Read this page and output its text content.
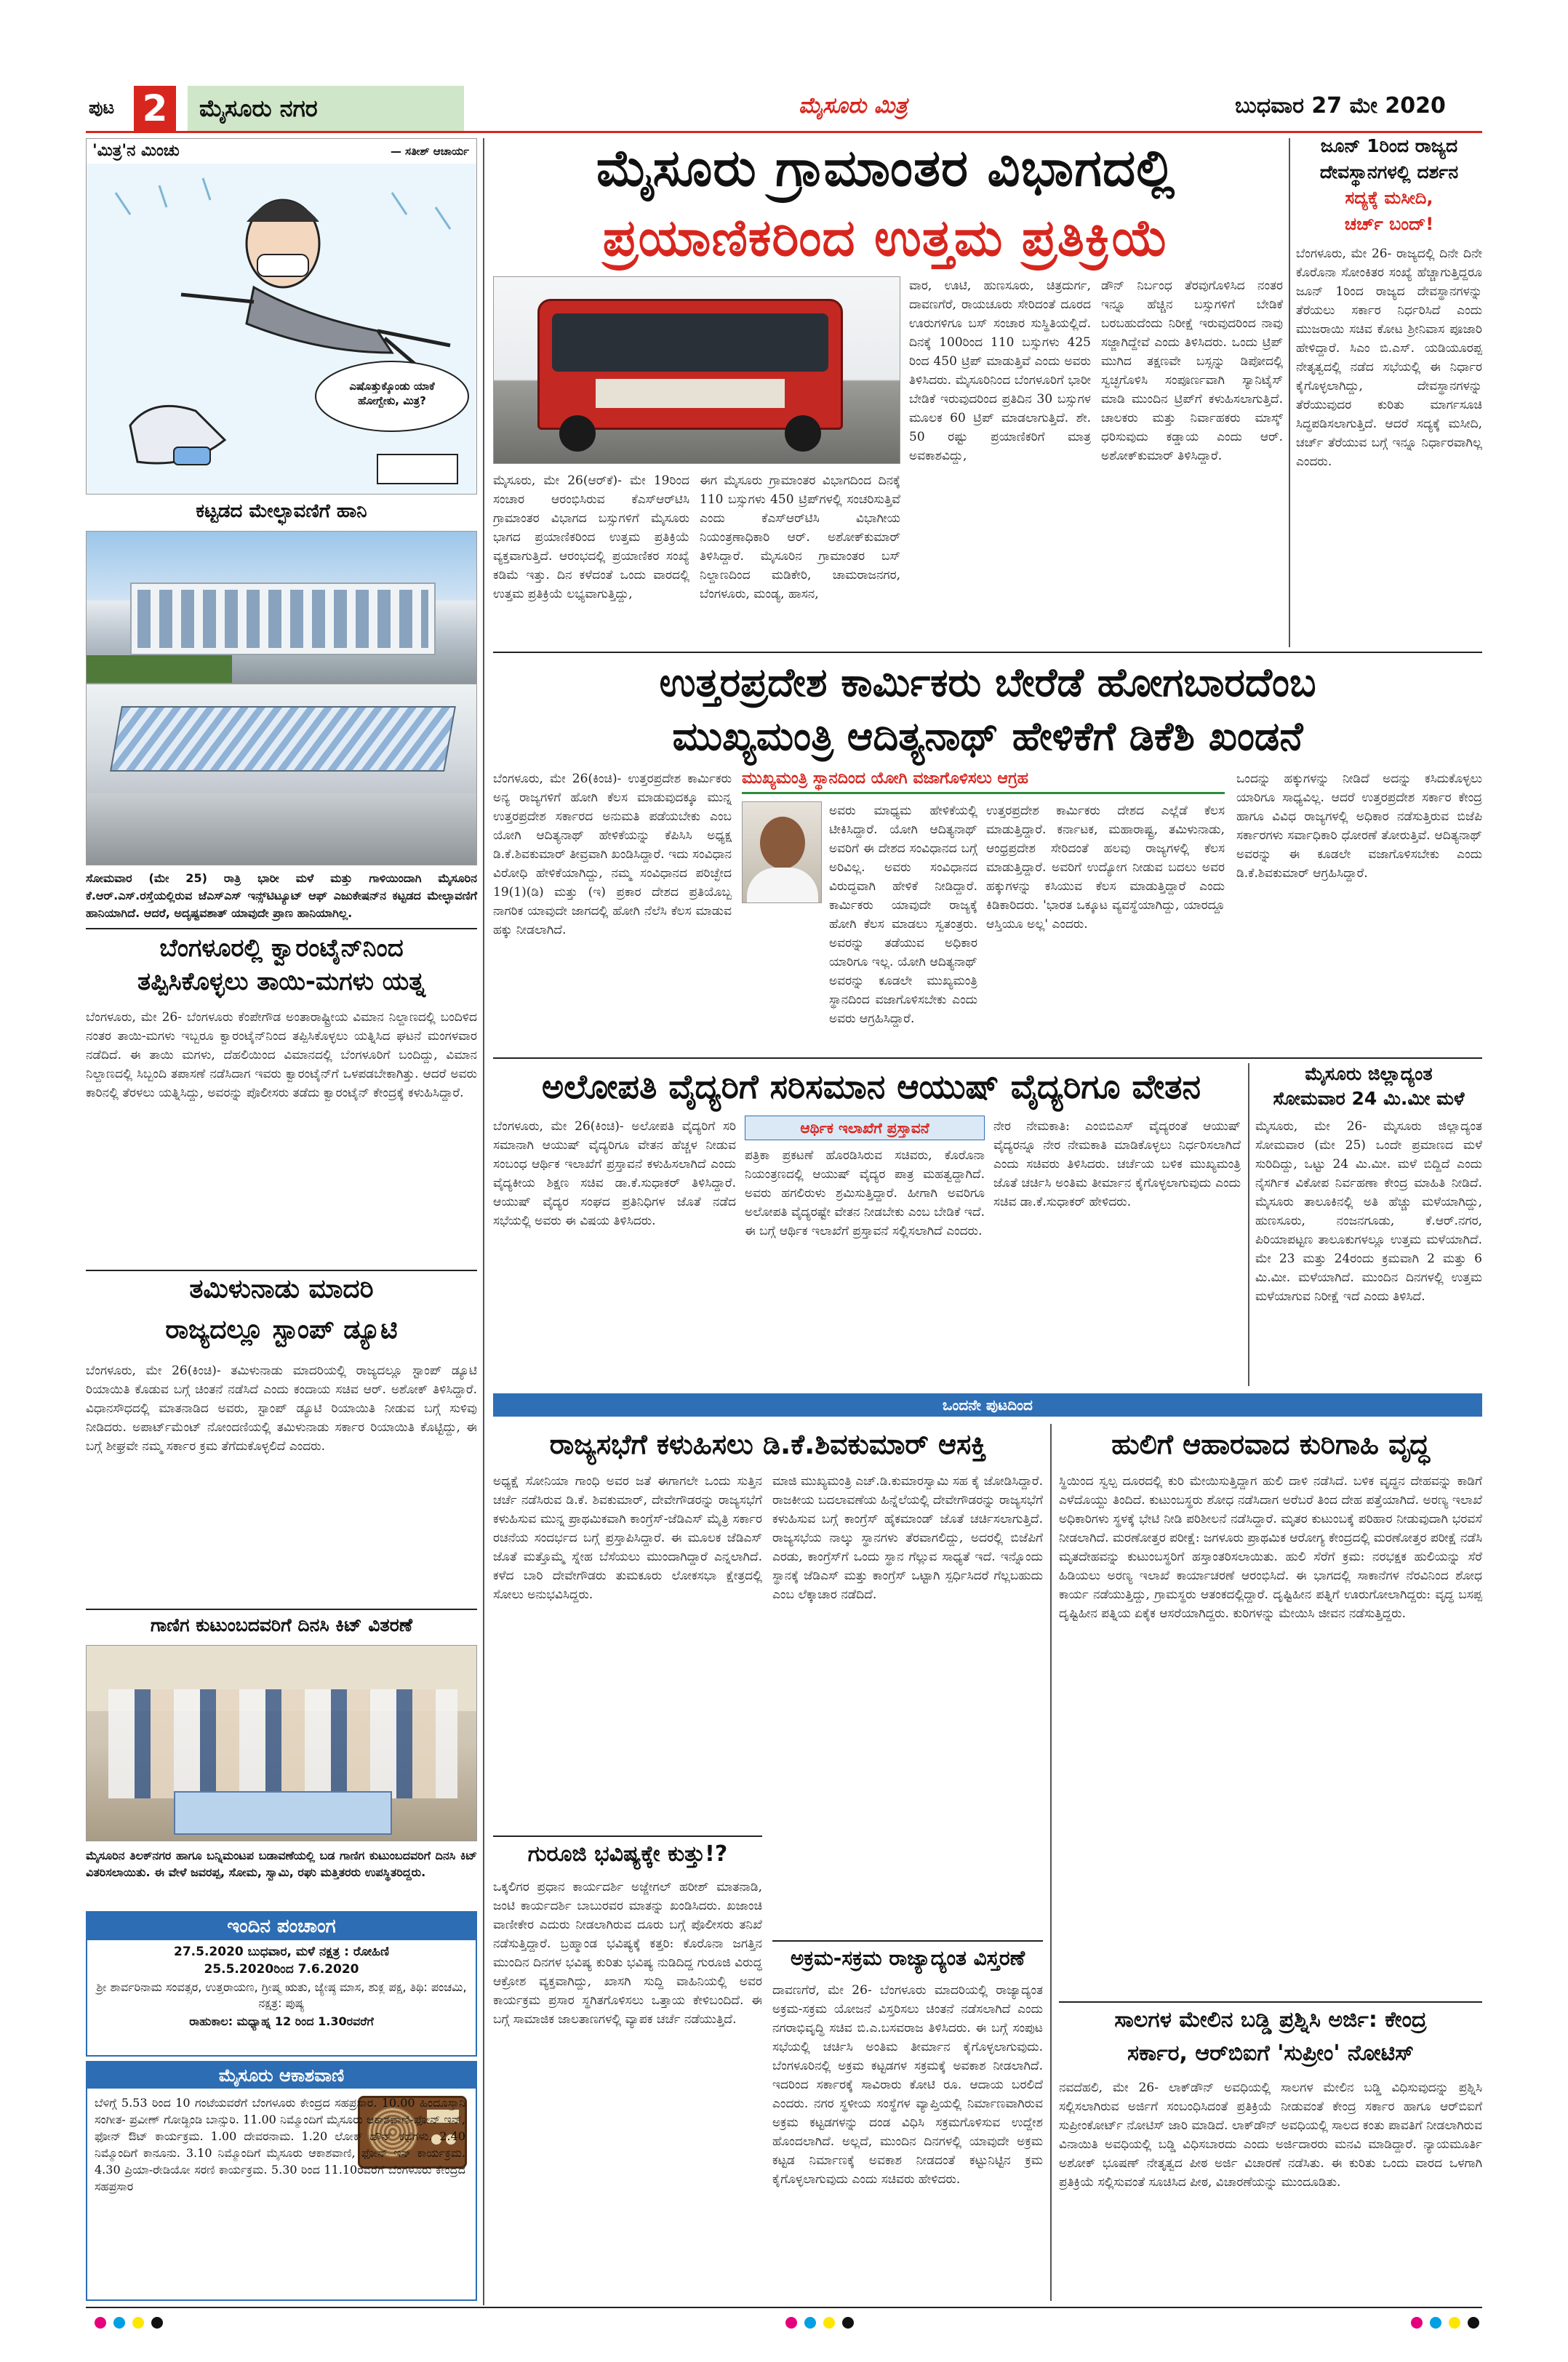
ಪುಟ 2	ಮೈಸೂರು ನಗರ	ಮೈಸೂರು ಮಿತ್ರ	ಬುಧವಾರ 27 ಮೇ 2020
'ಮಿತ್ರ'ನ ಮಿಂಚು	— ಸತೀಶ್ ಆಚಾರ್ಯ
ಎಷೊತ್ತುಕ್ಕೊಂಡು ಯಾಕೆ ಹೋಗ್ಬೇಕು, ಮಿತ್ರ?
ಕಟ್ಟಡದ ಮೇಲ್ಛಾವಣಿಗೆ ಹಾನಿ
ಸೋಮವಾರ (ಮೇ 25) ರಾತ್ರಿ ಭಾರೀ ಮಳೆ ಮತ್ತು ಗಾಳಿಯಿಂದಾಗಿ ಮೈಸೂರಿನ ಕೆ.ಆರ್.ಎಸ್.ರಸ್ತೆಯಲ್ಲಿರುವ ಜೆಎಸ್‌ಎಸ್ ಇನ್ಸ್‌ಟಿಟ್ಯೂಟ್ ಆಫ್ ಎಜುಕೇಷನ್‌ನ ಕಟ್ಟಡದ ಮೇಲ್ಛಾವಣಿಗೆ ಹಾನಿಯಾಗಿದೆ. ಆದರೆ, ಅದೃಷ್ಟವಶಾತ್ ಯಾವುದೇ ಪ್ರಾಣ ಹಾನಿಯಾಗಿಲ್ಲ.
ಬೆಂಗಳೂರಲ್ಲಿ ಕ್ವಾರಂಟೈನ್‌ನಿಂದ
ತಪ್ಪಿಸಿಕೊಳ್ಳಲು ತಾಯಿ-ಮಗಳು ಯತ್ನ
ಬೆಂಗಳೂರು, ಮೇ 26- ಬೆಂಗಳೂರು ಕೆಂಪೇಗೌಡ ಅಂತಾರಾಷ್ಟ್ರೀಯ ವಿಮಾನ ನಿಲ್ದಾಣದಲ್ಲಿ ಬಂದಿಳಿದ ನಂತರ ತಾಯಿ-ಮಗಳು ಇಬ್ಬರೂ ಕ್ವಾರಂಟೈನ್‌ನಿಂದ ತಪ್ಪಿಸಿಕೊಳ್ಳಲು ಯತ್ನಿಸಿದ ಘಟನೆ ಮಂಗಳವಾರ ನಡೆದಿದೆ. ಈ ತಾಯಿ ಮಗಳು, ದೆಹಲಿಯಿಂದ ವಿಮಾನದಲ್ಲಿ ಬೆಂಗಳೂರಿಗೆ ಬಂದಿದ್ದು, ವಿಮಾನ ನಿಲ್ದಾಣದಲ್ಲಿ ಸಿಬ್ಬಂದಿ ತಪಾಸಣೆ ನಡೆಸಿದಾಗ ಇವರು ಕ್ವಾರಂಟೈನ್‌ಗೆ ಒಳಪಡಬೇಕಾಗಿತ್ತು. ಆದರೆ ಅವರು ಕಾರಿನಲ್ಲಿ ತೆರಳಲು ಯತ್ನಿಸಿದ್ದು, ಅವರನ್ನು ಪೊಲೀಸರು ತಡೆದು ಕ್ವಾರಂಟೈನ್ ಕೇಂದ್ರಕ್ಕೆ ಕಳುಹಿಸಿದ್ದಾರೆ.
ತಮಿಳುನಾಡು ಮಾದರಿ
ರಾಜ್ಯದಲ್ಲೂ ಸ್ಟಾಂಪ್ ಡ್ಯೂಟಿ
ಬೆಂಗಳೂರು, ಮೇ 26(ಕಿಂಚಿ)- ತಮಿಳುನಾಡು ಮಾದರಿಯಲ್ಲಿ ರಾಜ್ಯದಲ್ಲೂ ಸ್ಟಾಂಪ್ ಡ್ಯೂಟಿ ರಿಯಾಯಿತಿ ಕೊಡುವ ಬಗ್ಗೆ ಚಿಂತನೆ ನಡೆಸಿದೆ ಎಂದು ಕಂದಾಯ ಸಚಿವ ಆರ್. ಅಶೋಕ್ ತಿಳಿಸಿದ್ದಾರೆ. ವಿಧಾನಸೌಧದಲ್ಲಿ ಮಾತನಾಡಿದ ಅವರು, ಸ್ಟಾಂಪ್ ಡ್ಯೂಟಿ ರಿಯಾಯಿತಿ ನೀಡುವ ಬಗ್ಗೆ ಸುಳಿವು ನೀಡಿದರು. ಅಪಾರ್ಟ್‌ಮೆಂಟ್ ನೋಂದಣಿಯಲ್ಲಿ ತಮಿಳುನಾಡು ಸರ್ಕಾರ ರಿಯಾಯಿತಿ ಕೊಟ್ಟಿದ್ದು, ಈ ಬಗ್ಗೆ ಶೀಘ್ರವೇ ನಮ್ಮ ಸರ್ಕಾರ ಕ್ರಮ ತೆಗೆದುಕೊಳ್ಳಲಿದೆ ಎಂದರು.
ಗಾಣಿಗ ಕುಟುಂಬದವರಿಗೆ ದಿನಸಿ ಕಿಟ್ ವಿತರಣೆ
ಮೈಸೂರಿನ ತಿಲಕ್‌ನಗರ ಹಾಗೂ ಬನ್ನಿಮಂಟಪ ಬಡಾವಣೆಯಲ್ಲಿ ಬಡ ಗಾಣಿಗ ಕುಟುಂಬದವರಿಗೆ ದಿನಸಿ ಕಿಟ್ ವಿತರಿಸಲಾಯಿತು. ಈ ವೇಳೆ ಜವರಪ್ಪ, ಸೋಮ, ಸ್ವಾಮಿ, ರಘು ಮತ್ತಿತರರು ಉಪಸ್ಥಿತರಿದ್ದರು.
ಇಂದಿನ ಪಂಚಾಂಗ
27.5.2020 ಬುಧವಾರ, ಮಳೆ ನಕ್ಷತ್ರ : ರೋಹಿಣಿ
25.5.2020ರಿಂದ 7.6.2020
ಶ್ರೀ ಶಾರ್ವರಿನಾಮ ಸಂವತ್ಸರ, ಉತ್ತರಾಯಣ, ಗ್ರೀಷ್ಮ ಋತು, ಜ್ಯೇಷ್ಠ ಮಾಸ, ಶುಕ್ಲ ಪಕ್ಷ, ತಿಥಿ: ಪಂಚಮಿ, ನಕ್ಷತ್ರ: ಪುಷ್ಯ
ರಾಹುಕಾಲ: ಮಧ್ಯಾಹ್ನ 12 ರಿಂದ 1.30ರವರೆಗೆ
ಮೈಸೂರು ಆಕಾಶವಾಣಿ
ಬೆಳಿಗ್ಗೆ 5.53 ರಿಂದ 10 ಗಂಟೆಯವರೆಗೆ ಬೆಂಗಳೂರು ಕೇಂದ್ರದ ಸಹಪ್ರಸಾರ. 10.00 ಹಿಂದೂಸ್ತಾನಿ ಸಂಗೀತ- ಪ್ರವೀಣ್ ಗೋಡ್ಖಿಂಡಿ ಬಾನ್ಸುರಿ. 11.00 ನಿಮ್ಮೊಂದಿಗೆ ಮೈಸೂರು ಆಕಾಶವಾಣಿ-ಫೋನ್ ಇನ್, ಫೋನ್ ಔಟ್ ಕಾರ್ಯಕ್ರಮ. 1.00 ದೇವರನಾಮ. 1.20 ಲೋಕ್ ಡೌನ್ ಕಥೆಗಳು. 2.40 ನಿಮ್ಮೊಂದಿಗೆ ಕಾನೂನು. 3.10 ನಿಮ್ಮೊಂದಿಗೆ ಮೈಸೂರು ಆಕಾಶವಾಣಿ, ಫೋನ್ ಇನ್ ಕಾರ್ಯಕ್ರಮ. 4.30 ಪ್ರಿಯಾ-ರೇಡಿಯೋ ಸರಣಿ ಕಾರ್ಯಕ್ರಮ. 5.30 ರಿಂದ 11.10ರವರೆಗೆ ಬೆಂಗಳೂರು ಕೇಂದ್ರದ ಸಹಪ್ರಸಾರ
ಮೈಸೂರು ಗ್ರಾಮಾಂತರ ವಿಭಾಗದಲ್ಲಿ
ಪ್ರಯಾಣಿಕರಿಂದ ಉತ್ತಮ ಪ್ರತಿಕ್ರಿಯೆ
ಮೈಸೂರು, ಮೇ 26(ಆರ್‌ಕೆ)- ಮೇ 19ರಿಂದ ಸಂಚಾರ ಆರಂಭಿಸಿರುವ ಕೆಎಸ್‌ಆರ್‌ಟಿಸಿ ಗ್ರಾಮಾಂತರ ವಿಭಾಗದ ಬಸ್ಸುಗಳಿಗೆ ಮೈಸೂರು ಭಾಗದ ಪ್ರಯಾಣಿಕರಿಂದ ಉತ್ತಮ ಪ್ರತಿಕ್ರಿಯೆ ವ್ಯಕ್ತವಾಗುತ್ತಿದೆ. ಆರಂಭದಲ್ಲಿ ಪ್ರಯಾಣಿಕರ ಸಂಖ್ಯೆ ಕಡಿಮೆ ಇತ್ತು. ದಿನ ಕಳೆದಂತೆ ಒಂದು ವಾರದಲ್ಲಿ ಉತ್ತಮ ಪ್ರತಿಕ್ರಿಯೆ ಲಭ್ಯವಾಗುತ್ತಿದ್ದು,
ಈಗ ಮೈಸೂರು ಗ್ರಾಮಾಂತರ ವಿಭಾಗದಿಂದ ದಿನಕ್ಕೆ 110 ಬಸ್ಸುಗಳು 450 ಟ್ರಿಪ್‌ಗಳಲ್ಲಿ ಸಂಚರಿಸುತ್ತಿವೆ ಎಂದು ಕೆಎಸ್‌ಆರ್‌ಟಿಸಿ ವಿಭಾಗೀಯ ನಿಯಂತ್ರಣಾಧಿಕಾರಿ ಆರ್. ಅಶೋಕ್‌ಕುಮಾರ್ ತಿಳಿಸಿದ್ದಾರೆ. ಮೈಸೂರಿನ ಗ್ರಾಮಾಂತರ ಬಸ್ ನಿಲ್ದಾಣದಿಂದ ಮಡಿಕೇರಿ, ಚಾಮರಾಜನಗರ, ಬೆಂಗಳೂರು, ಮಂಡ್ಯ, ಹಾಸನ,
ವಾರ, ಊಟಿ, ಹುಣಸೂರು, ಚಿತ್ರದುರ್ಗ, ದಾವಣಗೆರೆ, ರಾಯಚೂರು ಸೇರಿದಂತೆ ದೂರದ ಊರುಗಳಿಗೂ ಬಸ್ ಸಂಚಾರ ಸುಸ್ಥಿತಿಯಲ್ಲಿದೆ. ದಿನಕ್ಕೆ 100ರಿಂದ 110 ಬಸ್ಸುಗಳು 425 ರಿಂದ 450 ಟ್ರಿಪ್ ಮಾಡುತ್ತಿವೆ ಎಂದು ಅವರು ತಿಳಿಸಿದರು. ಮೈಸೂರಿನಿಂದ ಬೆಂಗಳೂರಿಗೆ ಭಾರೀ ಬೇಡಿಕೆ ಇರುವುದರಿಂದ ಪ್ರತಿದಿನ 30 ಬಸ್ಸುಗಳ ಮೂಲಕ 60 ಟ್ರಿಪ್ ಮಾಡಲಾಗುತ್ತಿದೆ. ಶೇ. 50 ರಷ್ಟು ಪ್ರಯಾಣಿಕರಿಗೆ ಮಾತ್ರ ಅವಕಾಶವಿದ್ದು,
ಡೌನ್ ನಿರ್ಬಂಧ ತೆರವುಗೊಳಿಸಿದ ನಂತರ ಇನ್ನೂ ಹೆಚ್ಚಿನ ಬಸ್ಸುಗಳಿಗೆ ಬೇಡಿಕೆ ಬರಬಹುದೆಂದು ನಿರೀಕ್ಷೆ ಇರುವುದರಿಂದ ನಾವು ಸಜ್ಜಾಗಿದ್ದೇವೆ ಎಂದು ತಿಳಿಸಿದರು. ಒಂದು ಟ್ರಿಪ್ ಮುಗಿದ ತಕ್ಷಣವೇ ಬಸ್ಸನ್ನು ಡಿಪೋದಲ್ಲಿ ಸ್ವಚ್ಛಗೊಳಿಸಿ ಸಂಪೂರ್ಣವಾಗಿ ಸ್ಯಾನಿಟೈಸ್ ಮಾಡಿ ಮುಂದಿನ ಟ್ರಿಪ್‌ಗೆ ಕಳುಹಿಸಲಾಗುತ್ತಿದೆ. ಚಾಲಕರು ಮತ್ತು ನಿರ್ವಾಹಕರು ಮಾಸ್ಕ್ ಧರಿಸುವುದು ಕಡ್ಡಾಯ ಎಂದು ಆರ್. ಅಶೋಕ್‌ಕುಮಾರ್ ತಿಳಿಸಿದ್ದಾರೆ.
ಜೂನ್ 1ರಿಂದ ರಾಜ್ಯದ
ದೇವಸ್ಥಾನಗಳಲ್ಲಿ ದರ್ಶನ
ಸದ್ಯಕ್ಕೆ ಮಸೀದಿ,
ಚರ್ಚ್ ಬಂದ್!
ಬೆಂಗಳೂರು, ಮೇ 26- ರಾಜ್ಯದಲ್ಲಿ ದಿನೇ ದಿನೇ ಕೊರೊನಾ ಸೋಂಕಿತರ ಸಂಖ್ಯೆ ಹೆಚ್ಚಾಗುತ್ತಿದ್ದರೂ ಜೂನ್ 1ರಿಂದ ರಾಜ್ಯದ ದೇವಸ್ಥಾನಗಳನ್ನು ತೆರೆಯಲು ಸರ್ಕಾರ ನಿರ್ಧರಿಸಿದೆ ಎಂದು ಮುಜರಾಯಿ ಸಚಿವ ಕೋಟ ಶ್ರೀನಿವಾಸ ಪೂಜಾರಿ ಹೇಳಿದ್ದಾರೆ. ಸಿಎಂ ಬಿ.ಎಸ್. ಯಡಿಯೂರಪ್ಪ ನೇತೃತ್ವದಲ್ಲಿ ನಡೆದ ಸಭೆಯಲ್ಲಿ ಈ ನಿರ್ಧಾರ ಕೈಗೊಳ್ಳಲಾಗಿದ್ದು, ದೇವಸ್ಥಾನಗಳನ್ನು ತೆರೆಯುವುದರ ಕುರಿತು ಮಾರ್ಗಸೂಚಿ ಸಿದ್ಧಪಡಿಸಲಾಗುತ್ತಿದೆ. ಆದರೆ ಸದ್ಯಕ್ಕೆ ಮಸೀದಿ, ಚರ್ಚ್ ತೆರೆಯುವ ಬಗ್ಗೆ ಇನ್ನೂ ನಿರ್ಧಾರವಾಗಿಲ್ಲ ಎಂದರು.
ಉತ್ತರಪ್ರದೇಶ ಕಾರ್ಮಿಕರು ಬೇರೆಡೆ ಹೋಗಬಾರದೆಂಬ
ಮುಖ್ಯಮಂತ್ರಿ ಆದಿತ್ಯನಾಥ್ ಹೇಳಿಕೆಗೆ ಡಿಕೆಶಿ ಖಂಡನೆ
ಬೆಂಗಳೂರು, ಮೇ 26(ಕಿಂಚಿ)- ಉತ್ತರಪ್ರದೇಶ ಕಾರ್ಮಿಕರು ಅನ್ಯ ರಾಜ್ಯಗಳಿಗೆ ಹೋಗಿ ಕೆಲಸ ಮಾಡುವುದಕ್ಕೂ ಮುನ್ನ ಉತ್ತರಪ್ರದೇಶ ಸರ್ಕಾರದ ಅನುಮತಿ ಪಡೆಯಬೇಕು ಎಂಬ ಯೋಗಿ ಆದಿತ್ಯನಾಥ್ ಹೇಳಿಕೆಯನ್ನು ಕೆಪಿಸಿಸಿ ಅಧ್ಯಕ್ಷ ಡಿ.ಕೆ.ಶಿವಕುಮಾರ್ ತೀವ್ರವಾಗಿ ಖಂಡಿಸಿದ್ದಾರೆ. ಇದು ಸಂವಿಧಾನ ವಿರೋಧಿ ಹೇಳಿಕೆಯಾಗಿದ್ದು, ನಮ್ಮ ಸಂವಿಧಾನದ ಪರಿಚ್ಛೇದ 19(1)(ಡಿ) ಮತ್ತು (ಇ) ಪ್ರಕಾರ ದೇಶದ ಪ್ರತಿಯೊಬ್ಬ ನಾಗರಿಕ ಯಾವುದೇ ಜಾಗದಲ್ಲಿ ಹೋಗಿ ನೆಲೆಸಿ ಕೆಲಸ ಮಾಡುವ ಹಕ್ಕು ನೀಡಲಾಗಿದೆ.
ಮುಖ್ಯಮಂತ್ರಿ ಸ್ಥಾನದಿಂದ ಯೋಗಿ ವಜಾಗೊಳಿಸಲು ಆಗ್ರಹ
ಅವರು ಮಾಧ್ಯಮ ಹೇಳಿಕೆಯಲ್ಲಿ ಟೀಕಿಸಿದ್ದಾರೆ. ಯೋಗಿ ಆದಿತ್ಯನಾಥ್ ಅವರಿಗೆ ಈ ದೇಶದ ಸಂವಿಧಾನದ ಬಗ್ಗೆ ಅರಿವಿಲ್ಲ. ಅವರು ಸಂವಿಧಾನದ ವಿರುದ್ಧವಾಗಿ ಹೇಳಿಕೆ ನೀಡಿದ್ದಾರೆ. ಕಾರ್ಮಿಕರು ಯಾವುದೇ ರಾಜ್ಯಕ್ಕೆ ಹೋಗಿ ಕೆಲಸ ಮಾಡಲು ಸ್ವತಂತ್ರರು. ಅವರನ್ನು ತಡೆಯುವ ಅಧಿಕಾರ ಯಾರಿಗೂ ಇಲ್ಲ. ಯೋಗಿ ಆದಿತ್ಯನಾಥ್ ಅವರನ್ನು ಕೂಡಲೇ ಮುಖ್ಯಮಂತ್ರಿ ಸ್ಥಾನದಿಂದ ವಜಾಗೊಳಿಸಬೇಕು ಎಂದು ಅವರು ಆಗ್ರಹಿಸಿದ್ದಾರೆ.
ಉತ್ತರಪ್ರದೇಶ ಕಾರ್ಮಿಕರು ದೇಶದ ಎಲ್ಲೆಡೆ ಕೆಲಸ ಮಾಡುತ್ತಿದ್ದಾರೆ. ಕರ್ನಾಟಕ, ಮಹಾರಾಷ್ಟ್ರ, ತಮಿಳುನಾಡು, ಆಂಧ್ರಪ್ರದೇಶ ಸೇರಿದಂತೆ ಹಲವು ರಾಜ್ಯಗಳಲ್ಲಿ ಕೆಲಸ ಮಾಡುತ್ತಿದ್ದಾರೆ. ಅವರಿಗೆ ಉದ್ಯೋಗ ನೀಡುವ ಬದಲು ಅವರ ಹಕ್ಕುಗಳನ್ನು ಕಸಿಯುವ ಕೆಲಸ ಮಾಡುತ್ತಿದ್ದಾರೆ ಎಂದು ಕಿಡಿಕಾರಿದರು. 'ಭಾರತ ಒಕ್ಕೂಟ ವ್ಯವಸ್ಥೆಯಾಗಿದ್ದು, ಯಾರದ್ದೂ ಆಸ್ತಿಯೂ ಅಲ್ಲ' ಎಂದರು.
ಒಂದನ್ನು ಹಕ್ಕುಗಳನ್ನು ನೀಡಿದೆ ಅದನ್ನು ಕಸಿದುಕೊಳ್ಳಲು ಯಾರಿಗೂ ಸಾಧ್ಯವಿಲ್ಲ. ಆದರೆ ಉತ್ತರಪ್ರದೇಶ ಸರ್ಕಾರ ಕೇಂದ್ರ ಹಾಗೂ ವಿವಿಧ ರಾಜ್ಯಗಳಲ್ಲಿ ಅಧಿಕಾರ ನಡೆಸುತ್ತಿರುವ ಬಿಜೆಪಿ ಸರ್ಕಾರಗಳು ಸರ್ವಾಧಿಕಾರಿ ಧೋರಣೆ ತೋರುತ್ತಿವೆ. ಆದಿತ್ಯನಾಥ್ ಅವರನ್ನು ಈ ಕೂಡಲೇ ವಜಾಗೊಳಿಸಬೇಕು ಎಂದು ಡಿ.ಕೆ.ಶಿವಕುಮಾರ್ ಆಗ್ರಹಿಸಿದ್ದಾರೆ.
ಅಲೋಪತಿ ವೈದ್ಯರಿಗೆ ಸರಿಸಮಾನ ಆಯುಷ್ ವೈದ್ಯರಿಗೂ ವೇತನ
ಬೆಂಗಳೂರು, ಮೇ 26(ಕಿಂಚಿ)- ಅಲೋಪತಿ ವೈದ್ಯರಿಗೆ ಸರಿ ಸಮಾನಾಗಿ ಆಯುಷ್ ವೈದ್ಯರಿಗೂ ವೇತನ ಹೆಚ್ಚಳ ನೀಡುವ ಸಂಬಂಧ ಆರ್ಥಿಕ ಇಲಾಖೆಗೆ ಪ್ರಸ್ತಾವನೆ ಕಳುಹಿಸಲಾಗಿದೆ ಎಂದು ವೈದ್ಯಕೀಯ ಶಿಕ್ಷಣ ಸಚಿವ ಡಾ.ಕೆ.ಸುಧಾಕರ್ ತಿಳಿಸಿದ್ದಾರೆ. ಆಯುಷ್ ವೈದ್ಯರ ಸಂಘದ ಪ್ರತಿನಿಧಿಗಳ ಜೊತೆ ನಡೆದ ಸಭೆಯಲ್ಲಿ ಅವರು ಈ ವಿಷಯ ತಿಳಿಸಿದರು.
ಆರ್ಥಿಕ ಇಲಾಖೆಗೆ ಪ್ರಸ್ತಾವನೆ
ಪತ್ರಿಕಾ ಪ್ರಕಟಣೆ ಹೊರಡಿಸಿರುವ ಸಚಿವರು, ಕೊರೊನಾ ನಿಯಂತ್ರಣದಲ್ಲಿ ಆಯುಷ್ ವೈದ್ಯರ ಪಾತ್ರ ಮಹತ್ವದ್ದಾಗಿದೆ. ಅವರು ಹಗಲಿರುಳು ಶ್ರಮಿಸುತ್ತಿದ್ದಾರೆ. ಹೀಗಾಗಿ ಅವರಿಗೂ ಅಲೋಪತಿ ವೈದ್ಯರಷ್ಟೇ ವೇತನ ನೀಡಬೇಕು ಎಂಬ ಬೇಡಿಕೆ ಇದೆ. ಈ ಬಗ್ಗೆ ಆರ್ಥಿಕ ಇಲಾಖೆಗೆ ಪ್ರಸ್ತಾವನೆ ಸಲ್ಲಿಸಲಾಗಿದೆ ಎಂದರು.
ನೇರ ನೇಮಕಾತಿ: ಎಂಬಿಬಿಎಸ್ ವೈದ್ಯರಂತೆ ಆಯುಷ್ ವೈದ್ಯರನ್ನೂ ನೇರ ನೇಮಕಾತಿ ಮಾಡಿಕೊಳ್ಳಲು ನಿರ್ಧರಿಸಲಾಗಿದೆ ಎಂದು ಸಚಿವರು ತಿಳಿಸಿದರು. ಚರ್ಚೆಯ ಬಳಿಕ ಮುಖ್ಯಮಂತ್ರಿ ಜೊತೆ ಚರ್ಚಿಸಿ ಅಂತಿಮ ತೀರ್ಮಾನ ಕೈಗೊಳ್ಳಲಾಗುವುದು ಎಂದು ಸಚಿವ ಡಾ.ಕೆ.ಸುಧಾಕರ್ ಹೇಳಿದರು.
ಮೈಸೂರು ಜಿಲ್ಲಾದ್ಯಂತ
ಸೋಮವಾರ 24 ಮಿ.ಮೀ ಮಳೆ
ಮೈಸೂರು, ಮೇ 26- ಮೈಸೂರು ಜಿಲ್ಲಾದ್ಯಂತ ಸೋಮವಾರ (ಮೇ 25) ಒಂದೇ ಪ್ರಮಾಣದ ಮಳೆ ಸುರಿದಿದ್ದು, ಒಟ್ಟು 24 ಮಿ.ಮೀ. ಮಳೆ ಬಿದ್ದಿದೆ ಎಂದು ನೈಸರ್ಗಿಕ ವಿಕೋಪ ನಿರ್ವಹಣಾ ಕೇಂದ್ರ ಮಾಹಿತಿ ನೀಡಿದೆ. ಮೈಸೂರು ತಾಲೂಕಿನಲ್ಲಿ ಅತಿ ಹೆಚ್ಚು ಮಳೆಯಾಗಿದ್ದು, ಹುಣಸೂರು, ನಂಜನಗೂಡು, ಕೆ.ಆರ್.ನಗರ, ಪಿರಿಯಾಪಟ್ಟಣ ತಾಲೂಕುಗಳಲ್ಲೂ ಉತ್ತಮ ಮಳೆಯಾಗಿದೆ. ಮೇ 23 ಮತ್ತು 24ರಂದು ಕ್ರಮವಾಗಿ 2 ಮತ್ತು 6 ಮಿ.ಮೀ. ಮಳೆಯಾಗಿದೆ. ಮುಂದಿನ ದಿನಗಳಲ್ಲಿ ಉತ್ತಮ ಮಳೆಯಾಗುವ ನಿರೀಕ್ಷೆ ಇದೆ ಎಂದು ತಿಳಿಸಿದೆ.
ಒಂದನೇ ಪುಟದಿಂದ
ರಾಜ್ಯಸಭೆಗೆ ಕಳುಹಿಸಲು ಡಿ.ಕೆ.ಶಿವಕುಮಾರ್ ಆಸಕ್ತಿ
ಅಧ್ಯಕ್ಷೆ ಸೋನಿಯಾ ಗಾಂಧಿ ಅವರ ಜತೆ ಈಗಾಗಲೇ ಒಂದು ಸುತ್ತಿನ ಚರ್ಚೆ ನಡೆಸಿರುವ ಡಿ.ಕೆ. ಶಿವಕುಮಾರ್, ದೇವೇಗೌಡರನ್ನು ರಾಜ್ಯಸಭೆಗೆ ಕಳುಹಿಸುವ ಮುನ್ನ ಪ್ರಾಥಮಿಕವಾಗಿ ಕಾಂಗ್ರೆಸ್-ಜೆಡಿಎಸ್ ಮೈತ್ರಿ ಸರ್ಕಾರ ರಚನೆಯ ಸಂದರ್ಭದ ಬಗ್ಗೆ ಪ್ರಸ್ತಾಪಿಸಿದ್ದಾರೆ. ಈ ಮೂಲಕ ಜೆಡಿಎಸ್ ಜೊತೆ ಮತ್ತೊಮ್ಮೆ ಸ್ನೇಹ ಬೆಸೆಯಲು ಮುಂದಾಗಿದ್ದಾರೆ ಎನ್ನಲಾಗಿದೆ. ಕಳೆದ ಬಾರಿ ದೇವೇಗೌಡರು ತುಮಕೂರು ಲೋಕಸಭಾ ಕ್ಷೇತ್ರದಲ್ಲಿ ಸೋಲು ಅನುಭವಿಸಿದ್ದರು.
ಮಾಜಿ ಮುಖ್ಯಮಂತ್ರಿ ಎಚ್.ಡಿ.ಕುಮಾರಸ್ವಾಮಿ ಸಹ ಕೈ ಜೋಡಿಸಿದ್ದಾರೆ. ರಾಜಕೀಯ ಬದಲಾವಣೆಯ ಹಿನ್ನೆಲೆಯಲ್ಲಿ ದೇವೇಗೌಡರನ್ನು ರಾಜ್ಯಸಭೆಗೆ ಕಳುಹಿಸುವ ಬಗ್ಗೆ ಕಾಂಗ್ರೆಸ್ ಹೈಕಮಾಂಡ್ ಜೊತೆ ಚರ್ಚಿಸಲಾಗುತ್ತಿದೆ. ರಾಜ್ಯಸಭೆಯ ನಾಲ್ಕು ಸ್ಥಾನಗಳು ತೆರವಾಗಲಿದ್ದು, ಅದರಲ್ಲಿ ಬಿಜೆಪಿಗೆ ಎರಡು, ಕಾಂಗ್ರೆಸ್‌ಗೆ ಒಂದು ಸ್ಥಾನ ಗೆಲ್ಲುವ ಸಾಧ್ಯತೆ ಇದೆ. ಇನ್ನೊಂದು ಸ್ಥಾನಕ್ಕೆ ಜೆಡಿಎಸ್ ಮತ್ತು ಕಾಂಗ್ರೆಸ್ ಒಟ್ಟಾಗಿ ಸ್ಪರ್ಧಿಸಿದರೆ ಗೆಲ್ಲಬಹುದು ಎಂಬ ಲೆಕ್ಕಾಚಾರ ನಡೆದಿದೆ.
ಗುರೂಜಿ ಭವಿಷ್ಯಕ್ಕೇ ಕುತ್ತು!?
ಒಕ್ಕಲಿಗರ ಪ್ರಧಾನ ಕಾರ್ಯದರ್ಶಿ ಅಜ್ಜೇಗಲ್ ಹರೀಶ್ ಮಾತನಾಡಿ, ಜಂಟಿ ಕಾರ್ಯದರ್ಶಿ ಬಾಬುರವರ ಮಾತನ್ನು ಖಂಡಿಸಿದರು. ಖಜಾಂಚಿ ವಾಣೀಕೇರ ಎದುರು ನೀಡಲಾಗಿರುವ ದೂರು ಬಗ್ಗೆ ಪೊಲೀಸರು ತನಿಖೆ ನಡೆಸುತ್ತಿದ್ದಾರೆ. ಬ್ರಹ್ಮಾಂಡ ಭವಿಷ್ಯಕ್ಕೆ ಕತ್ತರಿ: ಕೊರೊನಾ ಜಗತ್ತಿನ ಮುಂದಿನ ದಿನಗಳ ಭವಿಷ್ಯ ಕುರಿತು ಭವಿಷ್ಯ ನುಡಿದಿದ್ದ ಗುರೂಜಿ ವಿರುದ್ಧ ಆಕ್ರೋಶ ವ್ಯಕ್ತವಾಗಿದ್ದು, ಖಾಸಗಿ ಸುದ್ದಿ ವಾಹಿನಿಯಲ್ಲಿ ಅವರ ಕಾರ್ಯಕ್ರಮ ಪ್ರಸಾರ ಸ್ಥಗಿತಗೊಳಿಸಲು ಒತ್ತಾಯ ಕೇಳಿಬಂದಿದೆ. ಈ ಬಗ್ಗೆ ಸಾಮಾಜಿಕ ಜಾಲತಾಣಗಳಲ್ಲಿ ವ್ಯಾಪಕ ಚರ್ಚೆ ನಡೆಯುತ್ತಿದೆ.
ಅಕ್ರಮ-ಸಕ್ರಮ ರಾಜ್ಯಾದ್ಯಂತ ವಿಸ್ತರಣೆ
ದಾವಣಗೆರೆ, ಮೇ 26- ಬೆಂಗಳೂರು ಮಾದರಿಯಲ್ಲಿ ರಾಜ್ಯಾದ್ಯಂತ ಅಕ್ರಮ-ಸಕ್ರಮ ಯೋಜನೆ ವಿಸ್ತರಿಸಲು ಚಿಂತನೆ ನಡೆಸಲಾಗಿದೆ ಎಂದು ನಗರಾಭಿವೃದ್ಧಿ ಸಚಿವ ಬಿ.ಎ.ಬಸವರಾಜ ತಿಳಿಸಿದರು. ಈ ಬಗ್ಗೆ ಸಂಪುಟ ಸಭೆಯಲ್ಲಿ ಚರ್ಚಿಸಿ ಅಂತಿಮ ತೀರ್ಮಾನ ಕೈಗೊಳ್ಳಲಾಗುವುದು. ಬೆಂಗಳೂರಿನಲ್ಲಿ ಅಕ್ರಮ ಕಟ್ಟಡಗಳ ಸಕ್ರಮಕ್ಕೆ ಅವಕಾಶ ನೀಡಲಾಗಿದೆ. ಇದರಿಂದ ಸರ್ಕಾರಕ್ಕೆ ಸಾವಿರಾರು ಕೋಟಿ ರೂ. ಆದಾಯ ಬರಲಿದೆ ಎಂದರು. ನಗರ ಸ್ಥಳೀಯ ಸಂಸ್ಥೆಗಳ ವ್ಯಾಪ್ತಿಯಲ್ಲಿ ನಿರ್ಮಾಣವಾಗಿರುವ ಅಕ್ರಮ ಕಟ್ಟಡಗಳನ್ನು ದಂಡ ವಿಧಿಸಿ ಸಕ್ರಮಗೊಳಿಸುವ ಉದ್ದೇಶ ಹೊಂದಲಾಗಿದೆ. ಅಲ್ಲದೆ, ಮುಂದಿನ ದಿನಗಳಲ್ಲಿ ಯಾವುದೇ ಅಕ್ರಮ ಕಟ್ಟಡ ನಿರ್ಮಾಣಕ್ಕೆ ಅವಕಾಶ ನೀಡದಂತೆ ಕಟ್ಟುನಿಟ್ಟಿನ ಕ್ರಮ ಕೈಗೊಳ್ಳಲಾಗುವುದು ಎಂದು ಸಚಿವರು ಹೇಳಿದರು.
ಹುಲಿಗೆ ಆಹಾರವಾದ ಕುರಿಗಾಹಿ ವೃದ್ಧ
ಸ್ಥಿಯಿಂದ ಸ್ವಲ್ಪ ದೂರದಲ್ಲಿ ಕುರಿ ಮೇಯಿಸುತ್ತಿದ್ದಾಗ ಹುಲಿ ದಾಳಿ ನಡೆಸಿದೆ. ಬಳಿಕ ವೃದ್ಧನ ದೇಹವನ್ನು ಕಾಡಿಗೆ ಎಳೆದೊಯ್ದು ತಿಂದಿದೆ. ಕುಟುಂಬಸ್ಥರು ಶೋಧ ನಡೆಸಿದಾಗ ಅರೆಬರೆ ತಿಂದ ದೇಹ ಪತ್ತೆಯಾಗಿದೆ. ಅರಣ್ಯ ಇಲಾಖೆ ಅಧಿಕಾರಿಗಳು ಸ್ಥಳಕ್ಕೆ ಭೇಟಿ ನೀಡಿ ಪರಿಶೀಲನೆ ನಡೆಸಿದ್ದಾರೆ. ಮೃತರ ಕುಟುಂಬಕ್ಕೆ ಪರಿಹಾರ ನೀಡುವುದಾಗಿ ಭರವಸೆ ನೀಡಲಾಗಿದೆ. ಮರಣೋತ್ತರ ಪರೀಕ್ಷೆ: ಜಗಳೂರು ಪ್ರಾಥಮಿಕ ಆರೋಗ್ಯ ಕೇಂದ್ರದಲ್ಲಿ ಮರಣೋತ್ತರ ಪರೀಕ್ಷೆ ನಡೆಸಿ ಮೃತದೇಹವನ್ನು ಕುಟುಂಬಸ್ಥರಿಗೆ ಹಸ್ತಾಂತರಿಸಲಾಯಿತು. ಹುಲಿ ಸೆರೆಗೆ ಕ್ರಮ: ನರಭಕ್ಷಕ ಹುಲಿಯನ್ನು ಸೆರೆ ಹಿಡಿಯಲು ಅರಣ್ಯ ಇಲಾಖೆ ಕಾರ್ಯಾಚರಣೆ ಆರಂಭಿಸಿದೆ. ಈ ಭಾಗದಲ್ಲಿ ಸಾಕಾನೆಗಳ ನೆರವಿನಿಂದ ಶೋಧ ಕಾರ್ಯ ನಡೆಯುತ್ತಿದ್ದು, ಗ್ರಾಮಸ್ಥರು ಆತಂಕದಲ್ಲಿದ್ದಾರೆ. ದೃಷ್ಟಿಹೀನ ಪತ್ನಿಗೆ ಊರುಗೋಲಾಗಿದ್ದರು: ವೃದ್ಧ ಬಸಪ್ಪ ದೃಷ್ಟಿಹೀನ ಪತ್ನಿಯ ಏಕೈಕ ಆಸರೆಯಾಗಿದ್ದರು. ಕುರಿಗಳನ್ನು ಮೇಯಿಸಿ ಜೀವನ ನಡೆಸುತ್ತಿದ್ದರು.
ಸಾಲಗಳ ಮೇಲಿನ ಬಡ್ಡಿ ಪ್ರಶ್ನಿಸಿ ಅರ್ಜಿ: ಕೇಂದ್ರ
ಸರ್ಕಾರ, ಆರ್‌ಬಿಐಗೆ 'ಸುಪ್ರೀಂ' ನೋಟಿಸ್
ನವದೆಹಲಿ, ಮೇ 26- ಲಾಕ್‌ಡೌನ್ ಅವಧಿಯಲ್ಲಿ ಸಾಲಗಳ ಮೇಲಿನ ಬಡ್ಡಿ ವಿಧಿಸುವುದನ್ನು ಪ್ರಶ್ನಿಸಿ ಸಲ್ಲಿಸಲಾಗಿರುವ ಅರ್ಜಿಗೆ ಸಂಬಂಧಿಸಿದಂತೆ ಪ್ರತಿಕ್ರಿಯೆ ನೀಡುವಂತೆ ಕೇಂದ್ರ ಸರ್ಕಾರ ಹಾಗೂ ಆರ್‌ಬಿಐಗೆ ಸುಪ್ರೀಂಕೋರ್ಟ್ ನೋಟಿಸ್ ಜಾರಿ ಮಾಡಿದೆ. ಲಾಕ್‌ಡೌನ್ ಅವಧಿಯಲ್ಲಿ ಸಾಲದ ಕಂತು ಪಾವತಿಗೆ ನೀಡಲಾಗಿರುವ ವಿನಾಯಿತಿ ಅವಧಿಯಲ್ಲಿ ಬಡ್ಡಿ ವಿಧಿಸಬಾರದು ಎಂದು ಅರ್ಜಿದಾರರು ಮನವಿ ಮಾಡಿದ್ದಾರೆ. ನ್ಯಾಯಮೂರ್ತಿ ಅಶೋಕ್ ಭೂಷಣ್ ನೇತೃತ್ವದ ಪೀಠ ಅರ್ಜಿ ವಿಚಾರಣೆ ನಡೆಸಿತು. ಈ ಕುರಿತು ಒಂದು ವಾರದ ಒಳಗಾಗಿ ಪ್ರತಿಕ್ರಿಯೆ ಸಲ್ಲಿಸುವಂತೆ ಸೂಚಿಸಿದ ಪೀಠ, ವಿಚಾರಣೆಯನ್ನು ಮುಂದೂಡಿತು.
